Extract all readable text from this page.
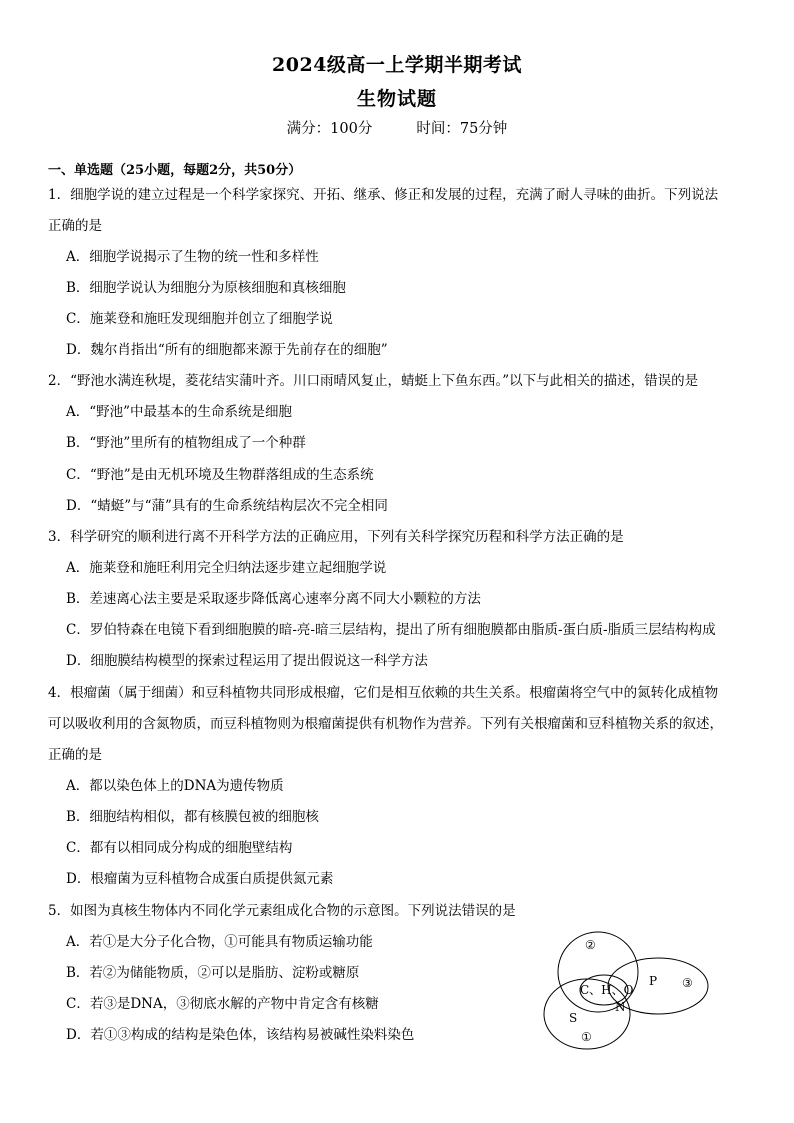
2024级高一上学期半期考试
生物试题
满分：100分	时间：75分钟
一、单选题（25小题，每题2分，共50分）
1．细胞学说的建立过程是一个科学家探究、开拓、继承、修正和发展的过程，充满了耐人寻味的曲折。下列说法
正确的是
A．细胞学说揭示了生物的统一性和多样性
B．细胞学说认为细胞分为原核细胞和真核细胞
C．施莱登和施旺发现细胞并创立了细胞学说
D．魏尔肖指出“所有的细胞都来源于先前存在的细胞”
2．“野池水满连秋堤，菱花结实蒲叶齐。川口雨晴风复止，蜻蜓上下鱼东西。”以下与此相关的描述，错误的是
A．“野池”中最基本的生命系统是细胞
B．“野池”里所有的植物组成了一个种群
C．“野池”是由无机环境及生物群落组成的生态系统
D．“蜻蜓”与“蒲”具有的生命系统结构层次不完全相同
3．科学研究的顺利进行离不开科学方法的正确应用，下列有关科学探究历程和科学方法正确的是
A．施莱登和施旺利用完全归纳法逐步建立起细胞学说
B．差速离心法主要是采取逐步降低离心速率分离不同大小颗粒的方法
C．罗伯特森在电镜下看到细胞膜的暗-亮-暗三层结构，提出了所有细胞膜都由脂质-蛋白质-脂质三层结构构成
D．细胞膜结构模型的探索过程运用了提出假说这一科学方法
4．根瘤菌（属于细菌）和豆科植物共同形成根瘤，它们是相互依赖的共生关系。根瘤菌将空气中的氮转化成植物
可以吸收利用的含氮物质，而豆科植物则为根瘤菌提供有机物作为营养。下列有关根瘤菌和豆科植物关系的叙述，
正确的是
A．都以染色体上的DNA为遗传物质
B．细胞结构相似，都有核膜包被的细胞核
C．都有以相同成分构成的细胞壁结构
D．根瘤菌为豆科植物合成蛋白质提供氮元素
5．如图为真核生物体内不同化学元素组成化合物的示意图。下列说法错误的是
A．若①是大分子化合物，①可能具有物质运输功能
B．若②为储能物质，②可以是脂肪、淀粉或糖原
C．若③是DNA，③彻底水解的产物中肯定含有核糖
D．若①③构成的结构是染色体，该结构易被碱性染料染色
②
C、H、O
P ③
N
S
①
